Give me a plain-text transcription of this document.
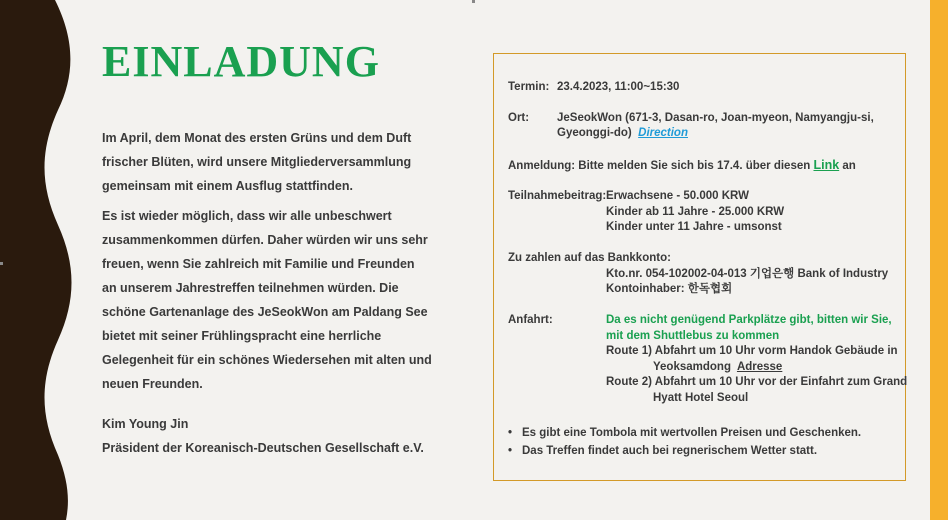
EINLADUNG

Im April, dem Monat des ersten Grüns und dem Duft frischer Blüten, wird unsere Mitgliederversammlung gemeinsam mit einem Ausflug stattfinden.

Es ist wieder möglich, dass wir alle unbeschwert zusammenkommen dürfen. Daher würden wir uns sehr freuen, wenn Sie zahlreich mit Familie und Freunden an unserem Jahrestreffen teilnehmen würden. Die schöne Gartenanlage des JeSeokWon am Paldang See bietet mit seiner Frühlingspracht eine herrliche Gelegenheit für ein schönes Wiedersehen mit alten und neuen Freunden.

Kim Young Jin
Präsident der Koreanisch-Deutschen Gesellschaft e.V.
Termin: 23.4.2023, 11:00~15:30
Ort: JeSeokWon (671-3, Dasan-ro, Joan-myeon, Namyangju-si,
Gyeonggi-do) Direction
Anmeldung: Bitte melden Sie sich bis 17.4. über diesen Link an
Teilnahmebeitrag: Erwachsene - 50.000 KRW
Kinder ab 11 Jahre - 25.000 KRW
Kinder unter 11 Jahre - umsonst
Zu zahlen auf das Bankkonto:
Kto.nr. 054-102002-04-013 기업은행 Bank of Industry
Kontoinhaber: 한독협회
Anfahrt:	Da es nicht genügend Parkplätze gibt, bitten wir Sie,
mit dem Shuttlebus zu kommen
Route 1) Abfahrt um 10 Uhr vorm Handok Gebäude in
Yeoksamdong Adresse
Route 2) Abfahrt um 10 Uhr vor der Einfahrt zum Grand
Hyatt Hotel Seoul
• Es gibt eine Tombola mit wertvollen Preisen und Geschenken.
• Das Treffen findet auch bei regnerischem Wetter statt.
